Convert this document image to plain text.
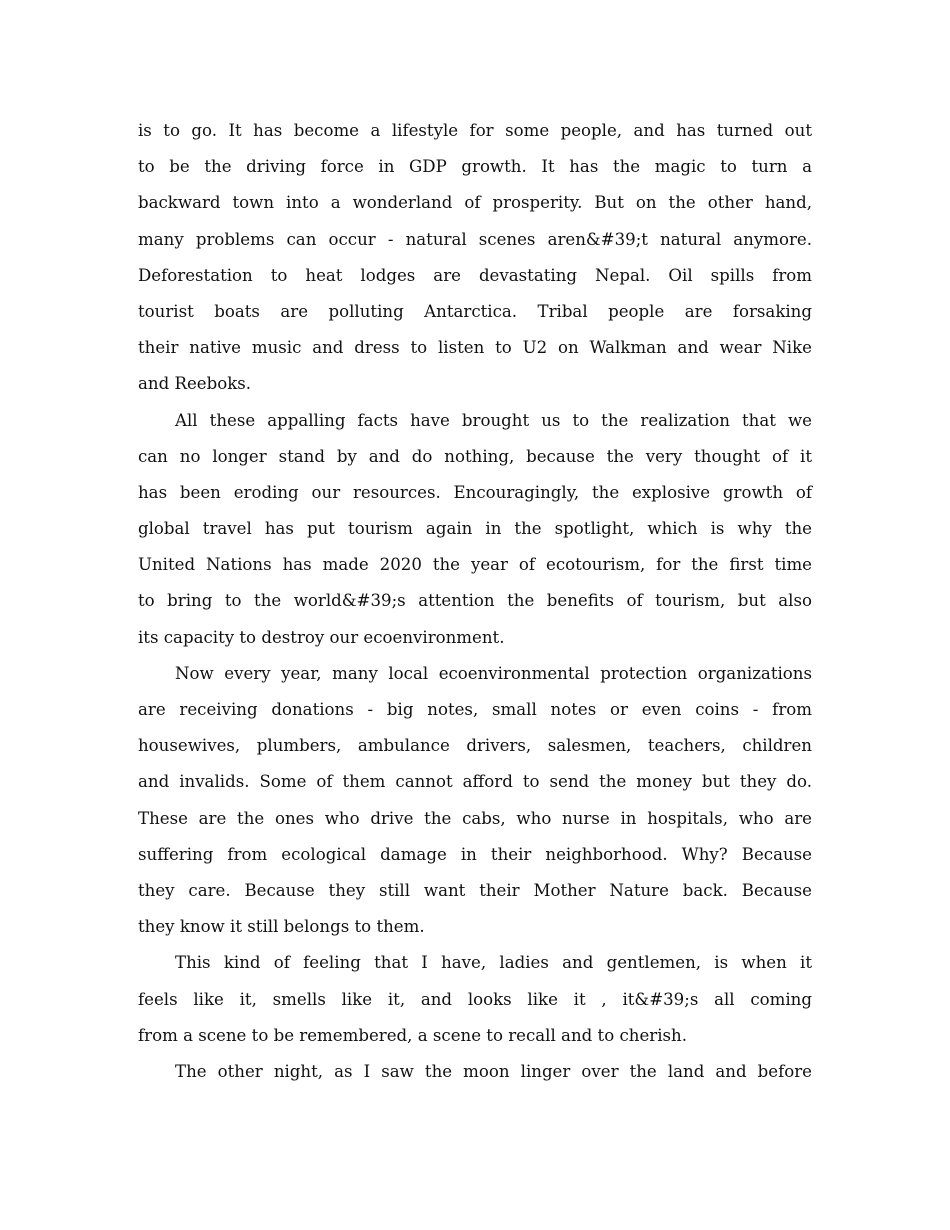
is to go. It has become a lifestyle for some people, and has turned out
to be the driving force in GDP growth. It has the magic to turn a
backward town into a wonderland of prosperity. But on the other hand,
many problems can occur - natural scenes aren&#39;t natural anymore.
Deforestation to heat lodges are devastating Nepal. Oil spills from
tourist boats are polluting Antarctica. Tribal people are forsaking
their native music and dress to listen to U2 on Walkman and wear Nike
and Reeboks.
All these appalling facts have brought us to the realization that we
can no longer stand by and do nothing, because the very thought of it
has been eroding our resources. Encouragingly, the explosive growth of
global travel has put tourism again in the spotlight, which is why the
United Nations has made 2020 the year of ecotourism, for the first time
to bring to the world&#39;s attention the benefits of tourism, but also
its capacity to destroy our ecoenvironment.
Now every year, many local ecoenvironmental protection organizations
are receiving donations - big notes, small notes or even coins - from
housewives, plumbers, ambulance drivers, salesmen, teachers, children
and invalids. Some of them cannot afford to send the money but they do.
These are the ones who drive the cabs, who nurse in hospitals, who are
suffering from ecological damage in their neighborhood. Why? Because
they care. Because they still want their Mother Nature back. Because
they know it still belongs to them.
This kind of feeling that I have, ladies and gentlemen, is when it
feels like it, smells like it, and looks like it , it&#39;s all coming
from a scene to be remembered, a scene to recall and to cherish.
The other night, as I saw the moon linger over the land and before
